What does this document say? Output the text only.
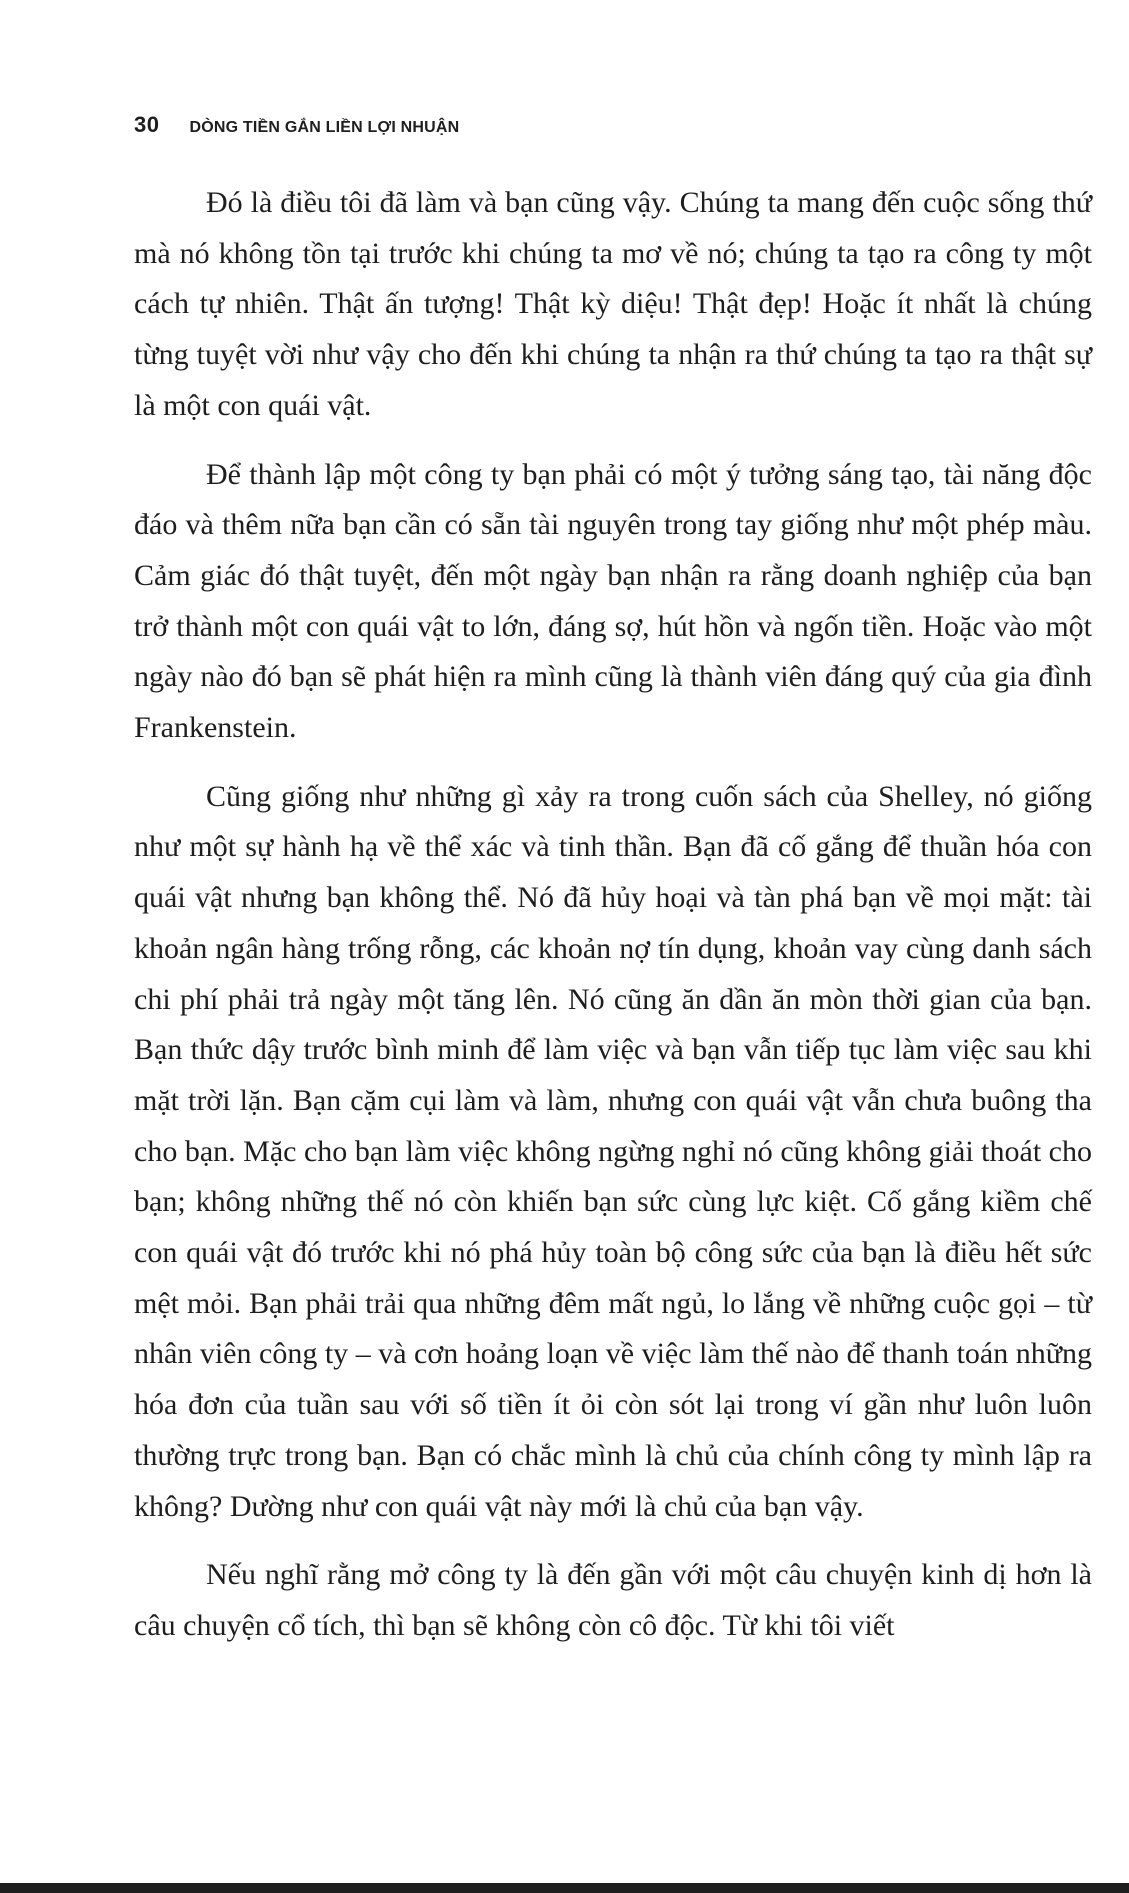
30 DÒNG TIỀN GẮN LIỀN LỢI NHUẬN

Đó là điều tôi đã làm và bạn cũng vậy. Chúng ta mang đến cuộc sống thứ mà nó không tồn tại trước khi chúng ta mơ về nó; chúng ta tạo ra công ty một cách tự nhiên. Thật ấn tượng! Thật kỳ diệu! Thật đẹp! Hoặc ít nhất là chúng từng tuyệt vời như vậy cho đến khi chúng ta nhận ra thứ chúng ta tạo ra thật sự là một con quái vật.

Để thành lập một công ty bạn phải có một ý tưởng sáng tạo, tài năng độc đáo và thêm nữa bạn cần có sẵn tài nguyên trong tay giống như một phép màu. Cảm giác đó thật tuyệt, đến một ngày bạn nhận ra rằng doanh nghiệp của bạn trở thành một con quái vật to lớn, đáng sợ, hút hồn và ngốn tiền. Hoặc vào một ngày nào đó bạn sẽ phát hiện ra mình cũng là thành viên đáng quý của gia đình Frankenstein.

Cũng giống như những gì xảy ra trong cuốn sách của Shelley, nó giống như một sự hành hạ về thể xác và tinh thần. Bạn đã cố gắng để thuần hóa con quái vật nhưng bạn không thể. Nó đã hủy hoại và tàn phá bạn về mọi mặt: tài khoản ngân hàng trống rỗng, các khoản nợ tín dụng, khoản vay cùng danh sách chi phí phải trả ngày một tăng lên. Nó cũng ăn dần ăn mòn thời gian của bạn. Bạn thức dậy trước bình minh để làm việc và bạn vẫn tiếp tục làm việc sau khi mặt trời lặn. Bạn cặm cụi làm và làm, nhưng con quái vật vẫn chưa buông tha cho bạn. Mặc cho bạn làm việc không ngừng nghỉ nó cũng không giải thoát cho bạn; không những thế nó còn khiến bạn sức cùng lực kiệt. Cố gắng kiềm chế con quái vật đó trước khi nó phá hủy toàn bộ công sức của bạn là điều hết sức mệt mỏi. Bạn phải trải qua những đêm mất ngủ, lo lắng về những cuộc gọi – từ nhân viên công ty – và cơn hoảng loạn về việc làm thế nào để thanh toán những hóa đơn của tuần sau với số tiền ít ỏi còn sót lại trong ví gần như luôn luôn thường trực trong bạn. Bạn có chắc mình là chủ của chính công ty mình lập ra không? Dường như con quái vật này mới là chủ của bạn vậy.

Nếu nghĩ rằng mở công ty là đến gần với một câu chuyện kinh dị hơn là câu chuyện cổ tích, thì bạn sẽ không còn cô độc. Từ khi tôi viết
